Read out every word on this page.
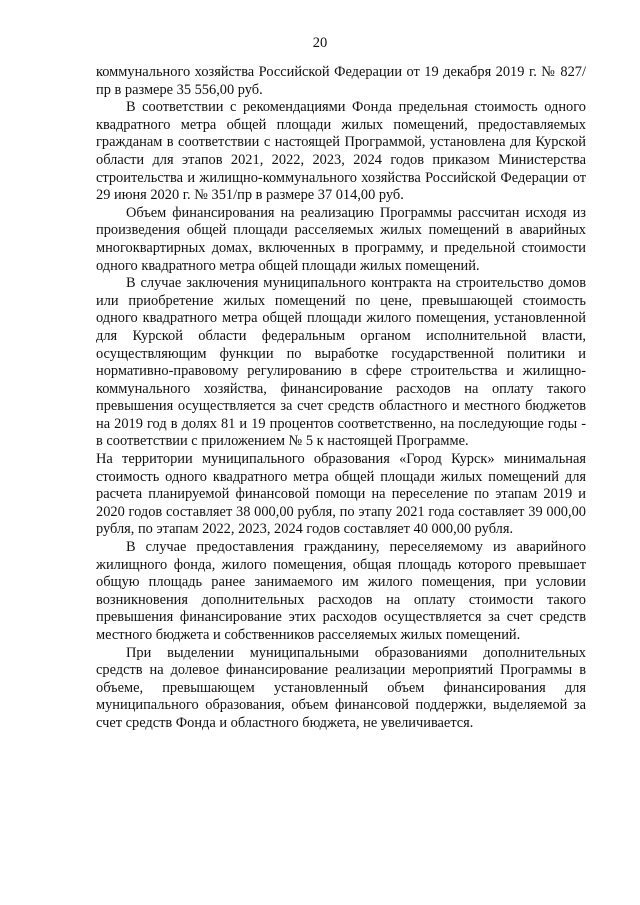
20

коммунального хозяйства Российской Федерации от 19 декабря 2019 г. № 827/пр в размере 35 556,00 руб.

В соответствии с рекомендациями Фонда предельная стоимость одного квадратного метра общей площади жилых помещений, предоставляемых гражданам в соответствии с настоящей Программой, установлена для Курской области для этапов 2021, 2022, 2023, 2024 годов приказом Министерства строительства и жилищно-коммунального хозяйства Российской Федерации от 29 июня 2020 г. № 351/пр в размере 37 014,00 руб.

Объем финансирования на реализацию Программы рассчитан исходя из произведения общей площади расселяемых жилых помещений в аварийных многоквартирных домах, включенных в программу, и предельной стоимости одного квадратного метра общей площади жилых помещений.

В случае заключения муниципального контракта на строительство домов или приобретение жилых помещений по цене, превышающей стоимость одного квадратного метра общей площади жилого помещения, установленной для Курской области федеральным органом исполнительной власти, осуществляющим функции по выработке государственной политики и нормативно-правовому регулированию в сфере строительства и жилищно-коммунального хозяйства, финансирование расходов на оплату такого превышения осуществляется за счет средств областного и местного бюджетов на 2019 год в долях 81 и 19 процентов соответственно, на последующие годы - в соответствии с приложением № 5 к настоящей Программе.

На территории муниципального образования «Город Курск» минимальная стоимость одного квадратного метра общей площади жилых помещений для расчета планируемой финансовой помощи на переселение по этапам 2019 и 2020 годов составляет 38 000,00 рубля, по этапу 2021 года составляет 39 000,00 рубля, по этапам 2022, 2023, 2024 годов составляет 40 000,00 рубля.

В случае предоставления гражданину, переселяемому из аварийного жилищного фонда, жилого помещения, общая площадь которого превышает общую площадь ранее занимаемого им жилого помещения, при условии возникновения дополнительных расходов на оплату стоимости такого превышения финансирование этих расходов осуществляется за счет средств местного бюджета и собственников расселяемых жилых помещений.

При выделении муниципальными образованиями дополнительных средств на долевое финансирование реализации мероприятий Программы в объеме, превышающем установленный объем финансирования для муниципального образования, объем финансовой поддержки, выделяемой за счет средств Фонда и областного бюджета, не увеличивается.
